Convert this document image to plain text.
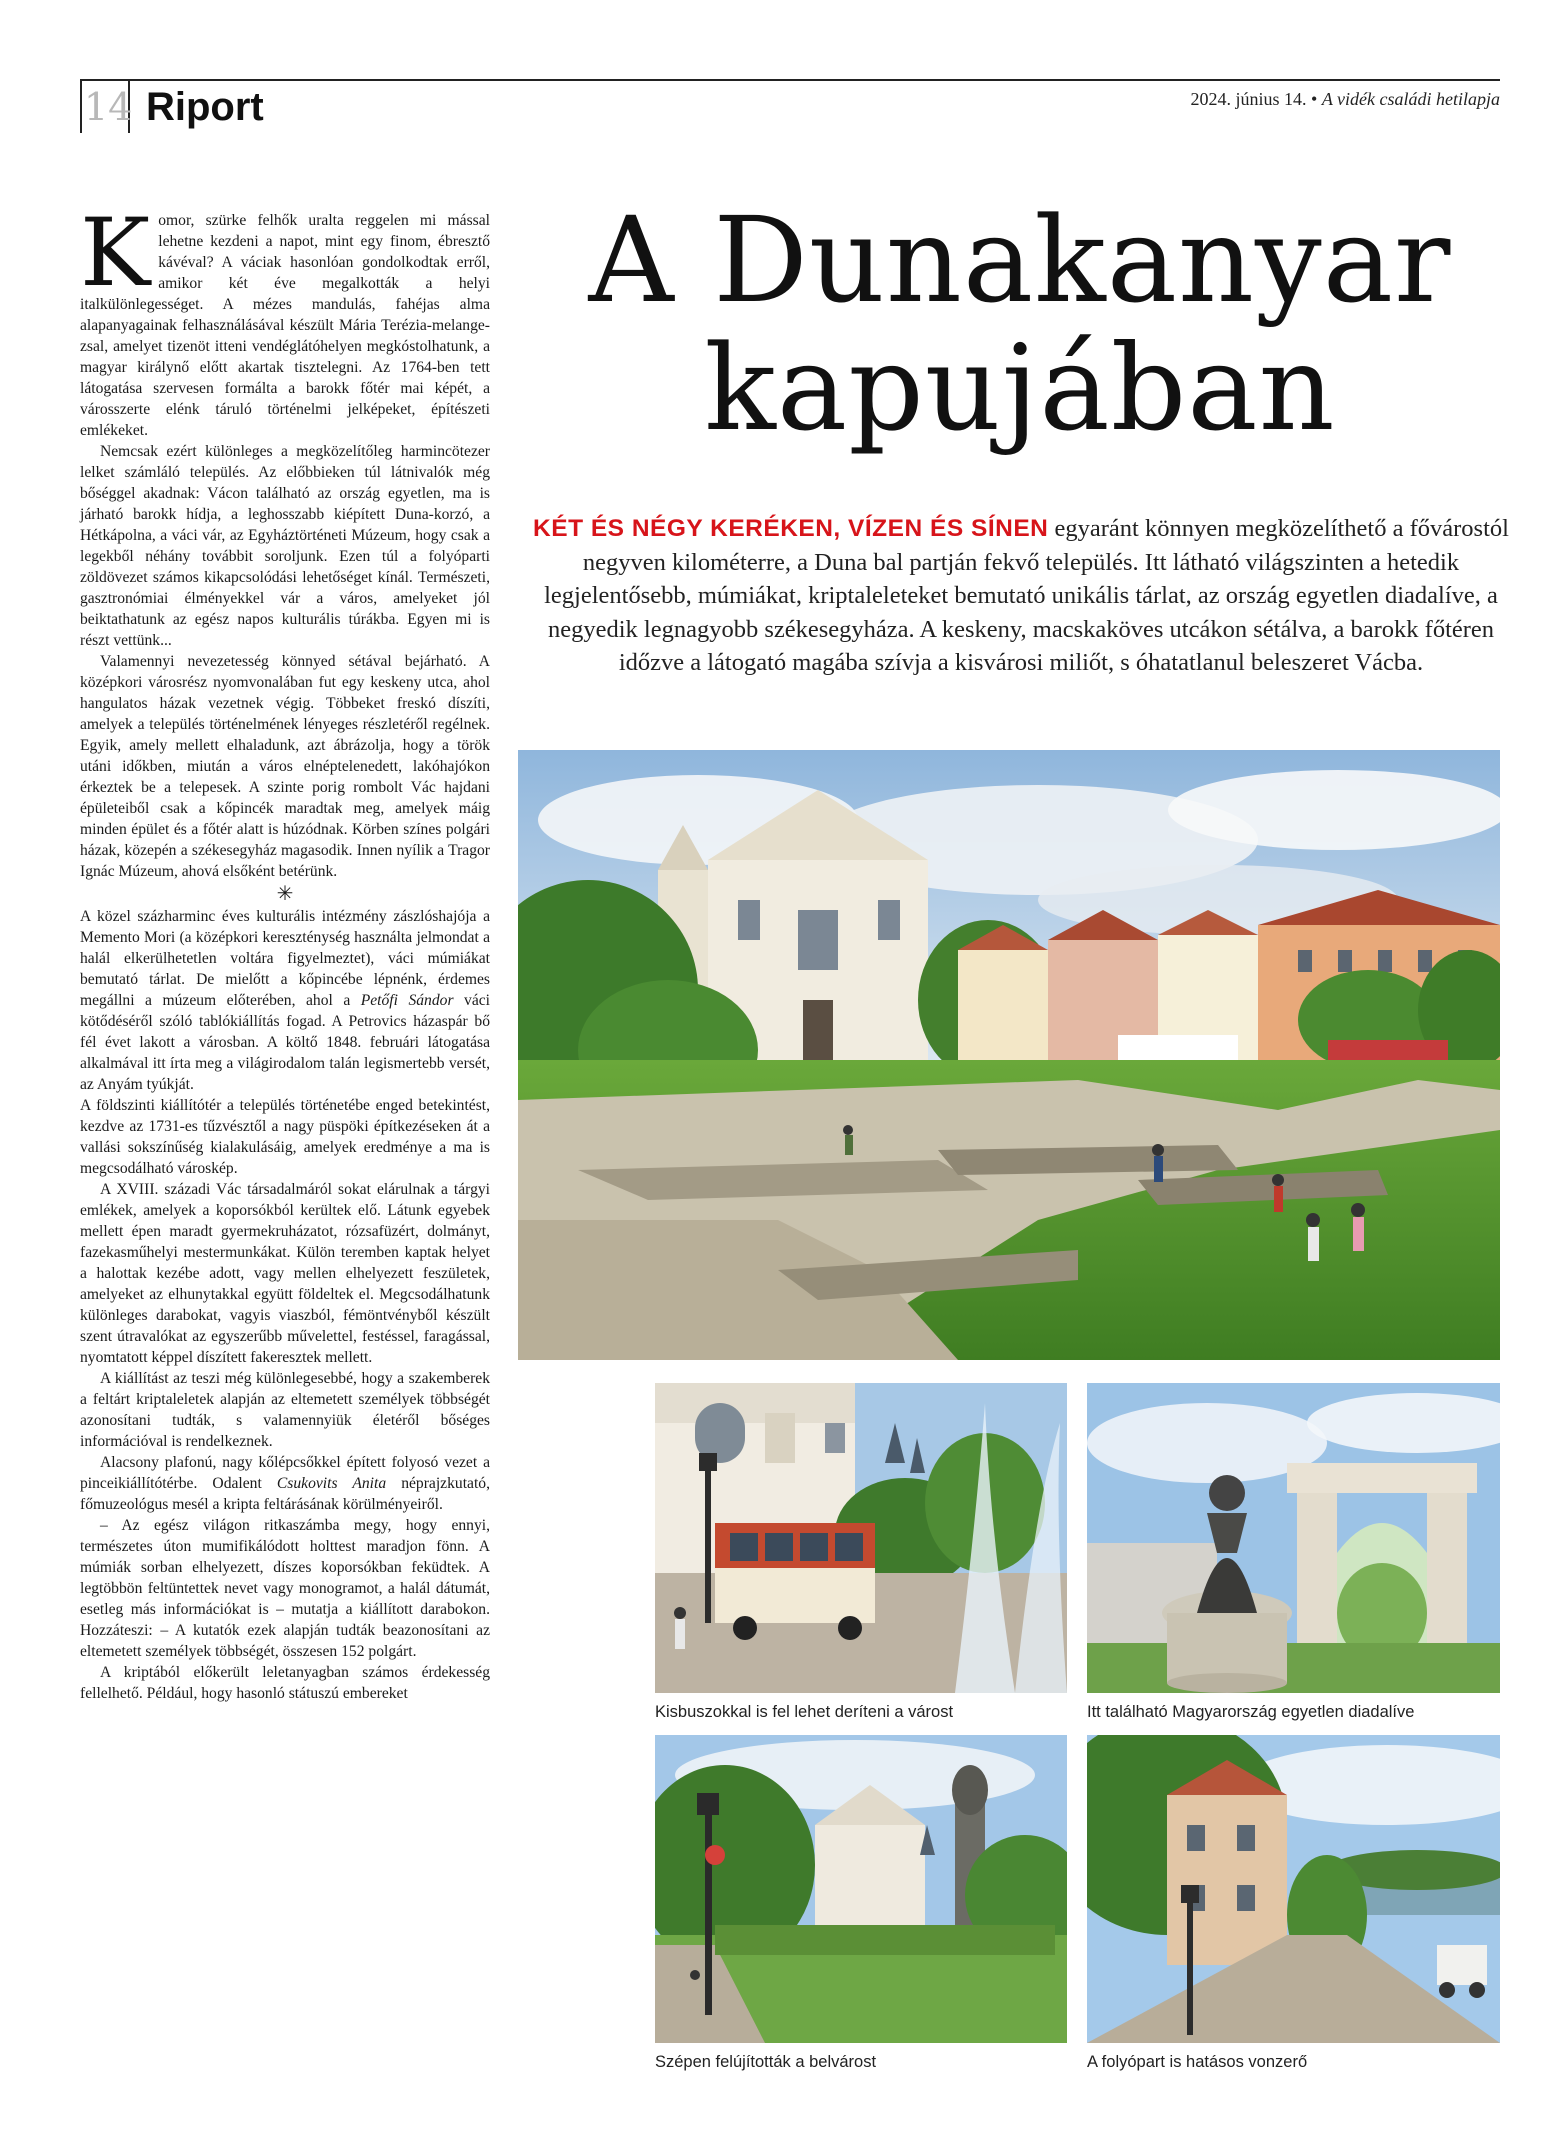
14 Riport	2024. június 14. • A vidék családi hetilapja

Komor, szürke felhők uralta reggelen mi mással lehetne kezdeni a napot, mint egy finom, ébresztő kávéval? A váciak hasonlóan gondolkodtak erről, amikor két éve megalkották a helyi italkülönlegességet. A mézes mandulás, fahéjas alma alapanyagainak felhasználásával készült Mária Terézia-melange-zsal, amelyet tizenöt itteni vendéglátóhelyen megkóstolhatunk, a magyar királynő előtt akartak tisztelegni. Az 1764-ben tett látogatása szervesen formálta a barokk főtér mai képét, a városszerte elénk táruló történelmi jelképeket, építészeti emlékeket.

Nemcsak ezért különleges a megközelítőleg harmincötezer lelket számláló település. Az előbbieken túl látnivalók még bőséggel akadnak: Vácon található az ország egyetlen, ma is járható barokk hídja, a leghosszabb kiépített Duna-korzó, a Hétkápolna, a váci vár, az Egyháztörténeti Múzeum, hogy csak a legekből néhány továbbit soroljunk. Ezen túl a folyóparti zöldövezet számos kikapcsolódási lehetőséget kínál. Természeti, gasztronómiai élményekkel vár a város, amelyeket jól beiktathatunk az egész napos kulturális túrákba. Egyen mi is részt vettünk...

Valamennyi nevezetesség könnyed sétával bejárható. A középkori városrész nyomvonalában fut egy keskeny utca, ahol hangulatos házak vezetnek végig. Többeket freskó díszíti, amelyek a település történelmének lényeges részletéről regélnek. Egyik, amely mellett elhaladunk, azt ábrázolja, hogy a török utáni időkben, miután a város elnéptelenedett, lakóhajókon érkeztek be a telepesek. A szinte porig rombolt Vác hajdani épületeiből csak a kőpincék maradtak meg, amelyek máig minden épület és a főtér alatt is húzódnak. Körben színes polgári házak, közepén a székesegyház magasodik. Innen nyílik a Tragor Ignác Múzeum, ahová elsőként betérünk.

✳

A közel százharminc éves kulturális intézmény zászlóshajója a Memento Mori (a középkori kereszténység használta jelmondat a halál elkerülhetetlen voltára figyelmeztet), váci múmiákat bemutató tárlat. De mielőtt a kőpincébe lépnénk, érdemes megállni a múzeum előterében, ahol a Petőfi Sándor váci kötődéséről szóló tablókiállítás fogad. A Petrovics házaspár bő fél évet lakott a városban. A költő 1848. februári látogatása alkalmával itt írta meg a világirodalom talán legismertebb versét, az Anyám tyúkját.

A földszinti kiállítótér a település történetébe enged betekintést, kezdve az 1731-es tűzvésztől a nagy püspöki építkezéseken át a vallási sokszínűség kialakulásáig, amelyek eredménye a ma is megcsodálható városkép.

A XVIII. századi Vác társadalmáról sokat elárulnak a tárgyi emlékek, amelyek a koporsókból kerültek elő. Látunk egyebek mellett épen maradt gyermekruházatot, rózsafüzért, dolmányt, fazekasműhelyi mestermunkákat. Külön teremben kaptak helyet a halottak kezébe adott, vagy mellen elhelyezett feszületek, amelyeket az elhunytakkal együtt földeltek el. Megcsodálhatunk különleges darabokat, vagyis viaszból, fémöntvényből készült szent útravalókat az egyszerűbb művelettel, festéssel, faragással, nyomtatott képpel díszített fakeresztek mellett.

A kiállítást az teszi még különlegesebbé, hogy a szakemberek a feltárt kriptaleletek alapján az eltemetett személyek többségét azonosítani tudták, s valamennyiük életéről bőséges információval is rendelkeznek.

Alacsony plafonú, nagy kőlépcsőkkel épített folyosó vezet a pinceikiállítótérbe. Odalent Csukovits Anita néprajzkutató, főmuzeológus mesél a kripta feltárásának körülményeiről.

– Az egész világon ritkaszámba megy, hogy ennyi, természetes úton mumifikálódott holttest maradjon fönn. A múmiák sorban elhelyezett, díszes koporsókban feküdtek. A legtöbbön feltüntettek nevet vagy monogramot, a halál dátumát, esetleg más információkat is – mutatja a kiállított darabokon. Hozzáteszi: – A kutatók ezek alapján tudták beazonosítani az eltemetett személyek többségét, összesen 152 polgárt.

A kriptából előkerült leletanyagban számos érdekesség fellelhető. Például, hogy hasonló státuszú embereket

A Dunakanyar
kapujában
KÉT ÉS NÉGY KERÉKEN, VÍZEN ÉS SÍNEN egyaránt könnyen megközelíthető a fővárostól negyven kilométerre, a Duna bal partján fekvő település. Itt látható világszinten a hetedik legjelentősebb, múmiákat, kriptaleleteket bemutató unikális tárlat, az ország egyetlen diadalíve, a negyedik legnagyobb székesegyháza. A keskeny, macskaköves utcákon sétálva, a barokk főtéren időzve a látogató magába szívja a kisvárosi miliőt, s óhatatlanul beleszeret Vácba.
Kisbuszokkal is fel lehet deríteni a várost	Itt található Magyarország egyetlen diadalíve
Szépen felújították a belvárost	A folyópart is hatásos vonzerő
